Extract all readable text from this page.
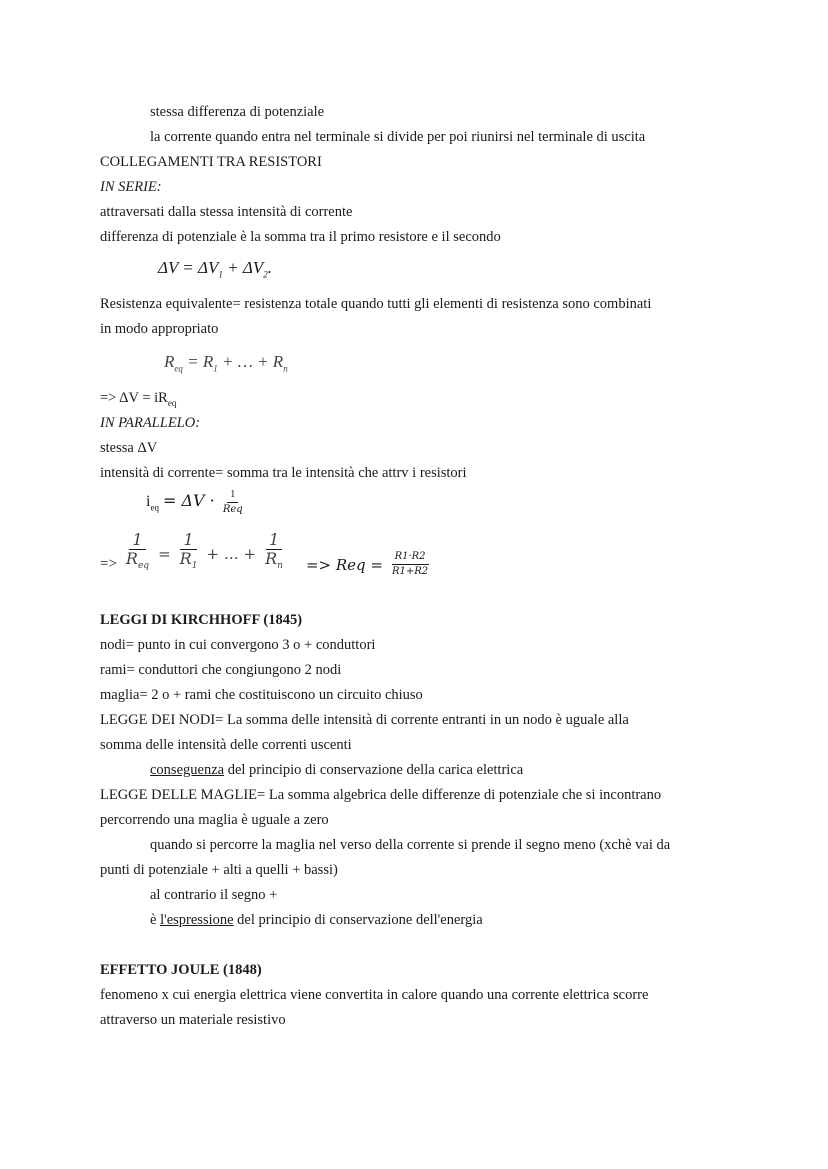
stessa differenza di potenziale
la corrente quando entra nel terminale si divide per poi riunirsi nel terminale di uscita
COLLEGAMENTI TRA RESISTORI
IN SERIE:
attraversati dalla stessa intensità di corrente
differenza di potenziale è la somma tra il primo resistore e il secondo
$\Delta V = \Delta V_1 + \Delta V_2$.
Resistenza equivalente= resistenza totale quando tutti gli elementi di resistenza sono combinati
in modo appropriato
$R_{eq} = R_1$ + … + $R_n$
=> $\Delta V = iR_{eq}$
IN PARALLELO:
stessa ΔV
intensità di corrente= somma tra le intensità che attrv i resistori
$i_{eq} = \Delta V \cdot \frac{1}{\text{Req}}$
=> $\frac{1}{R_{eq}} = \frac{1}{R_1}$ + … + $\frac{1}{R_n}$ => Req = $\frac{R1\cdot R2}{R1+R2}$
LEGGI DI KIRCHHOFF (1845)
nodi= punto in cui convergono 3 o + conduttori
rami= conduttori che congiungono 2 nodi
maglia= 2 o + rami che costituiscono un circuito chiuso
LEGGE DEI NODI= La somma delle intensità di corrente entranti in un nodo è uguale alla
somma delle intensità delle correnti uscenti
conseguenza del principio di conservazione della carica elettrica
LEGGE DELLE MAGLIE= La somma algebrica delle differenze di potenziale che si incontrano
percorrendo una maglia è uguale a zero
quando si percorre la maglia nel verso della corrente si prende il segno meno (xchè vai da
punti di potenziale + alti a quelli + bassi)
al contrario il segno +
è l'espressione del principio di conservazione dell'energia
EFFETTO JOULE (1848)
fenomeno x cui energia elettrica viene convertita in calore quando una corrente elettrica scorre
attraverso un materiale resistivo
